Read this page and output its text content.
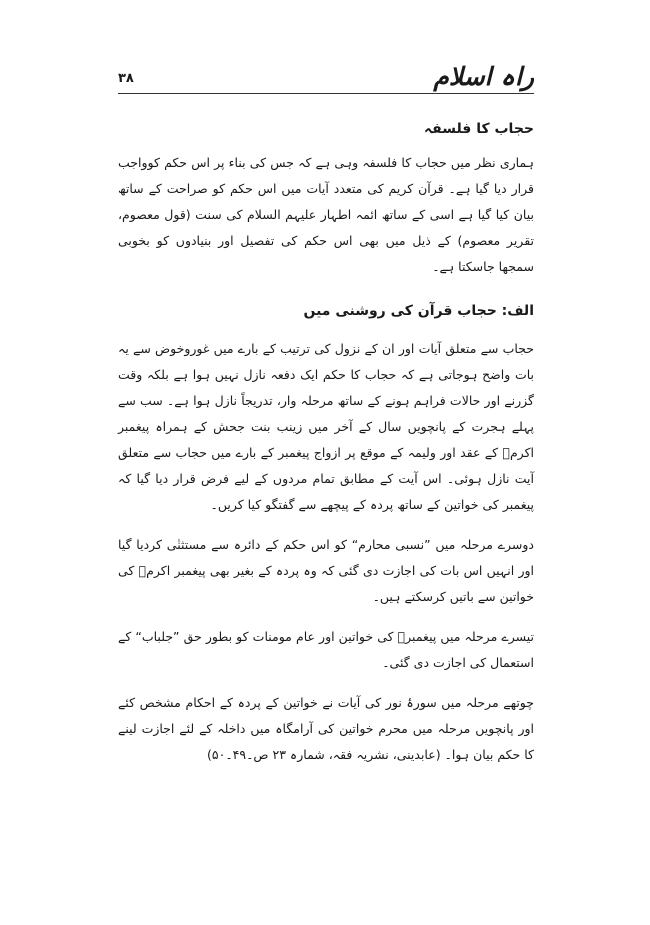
راہ اسلام
۳۸
حجاب کا فلسفہ

ہماری نظر میں حجاب کا فلسفہ وہی ہے کہ جس کی بناء پر اس حکم کوواجب قرار دیا گیا ہے۔ قرآن کریم کی متعدد آیات میں اس حکم کو صراحت کے ساتھ بیان کیا گیا ہے اسی کے ساتھ ائمہ اطہار علیہم السلام کی سنت (قول معصوم، تقریر معصوم) کے ذیل میں بھی اس حکم کی تفصیل اور بنیادوں کو بخوبی سمجھا جاسکتا ہے۔

الف: حجاب قرآن کی روشنی میں

حجاب سے متعلق آیات اور ان کے نزول کی ترتیب کے بارے میں غوروخوض سے یہ بات واضح ہوجاتی ہے کہ حجاب کا حکم ایک دفعہ نازل نہیں ہوا ہے بلکہ وقت گزرنے اور حالات فراہم ہونے کے ساتھ مرحلہ وار، تدریجاً نازل ہوا ہے۔ سب سے پہلے ہجرت کے پانچویں سال کے آخر میں زینب بنت جحش کے ہمراہ پیغمبر اکرمؐ کے عقد اور ولیمہ کے موقع پر ازواج پیغمبر کے بارے میں حجاب سے متعلق آیت نازل ہوئی۔ اس آیت کے مطابق تمام مردوں کے لیے فرض قرار دیا گیا کہ پیغمبر کی خواتین کے ساتھ پردہ کے پیچھے سے گفتگو کیا کریں۔

دوسرے مرحلہ میں ”نسبی محارم“ کو اس حکم کے دائرہ سے مستثنٰی کردیا گیا اور انہیں اس بات کی اجازت دی گئی کہ وہ پردہ کے بغیر بھی پیغمبر اکرمؐ کی خواتین سے باتیں کرسکتے ہیں۔

تیسرے مرحلہ میں پیغمبرؐ کی خواتین اور عام مومنات کو بطور حق ”جلباب“ کے استعمال کی اجازت دی گئی۔

چوتھے مرحلہ میں سورۂ نور کی آیات نے خواتین کے پردہ کے احکام مشخص کئے اور پانچویں مرحلہ میں محرم خواتین کی آرامگاہ میں داخلہ کے لئے اجازت لینے کا حکم بیان ہوا۔ (عابدینی، نشریہ فقہ، شمارہ ۲۳ ص۔۴۹۔۵۰)
